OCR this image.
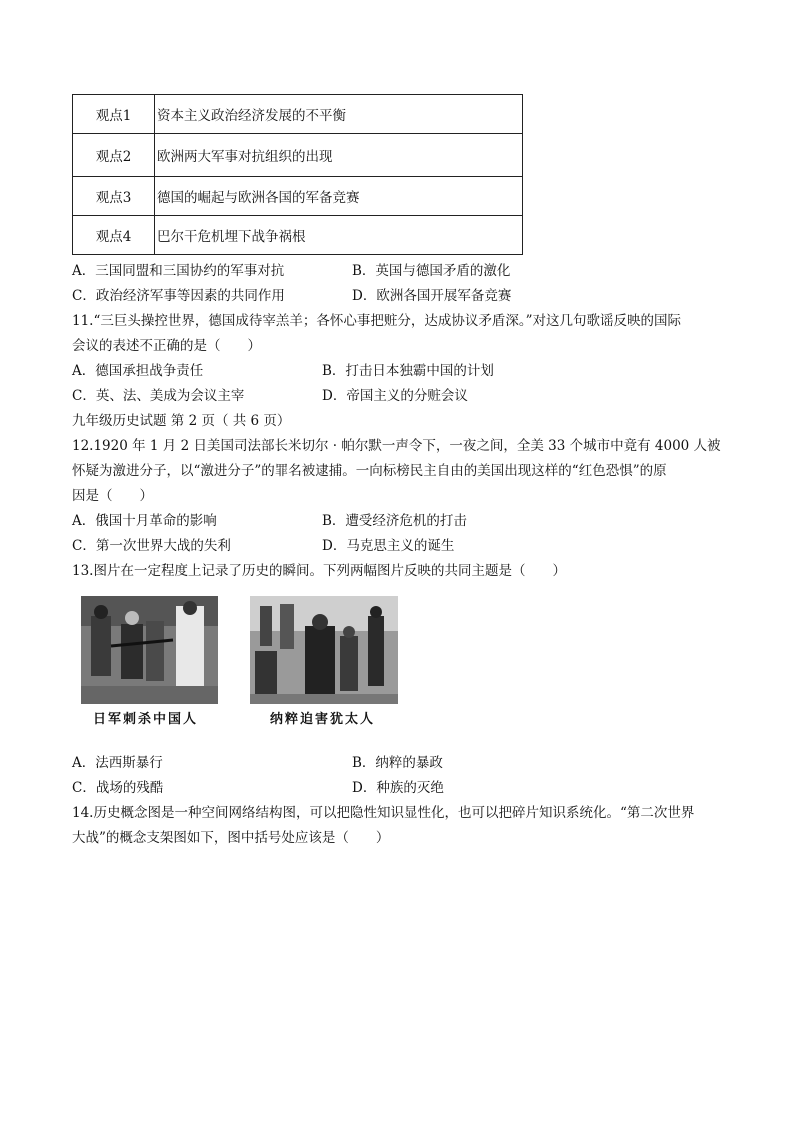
观点1	资本主义政治经济发展的不平衡
观点2	欧洲两大军事对抗组织的出现
观点3	德国的崛起与欧洲各国的军备竞赛
观点4	巴尔干危机埋下战争祸根
A．三国同盟和三国协约的军事对抗	B．英国与德国矛盾的激化
C．政治经济军事等因素的共同作用	D．欧洲各国开展军备竞赛
11.“三巨头操控世界，德国成待宰羔羊；各怀心事把赃分，达成协议矛盾深。”对这几句歌谣反映的国际
会议的表述不正确的是（　　）
A．德国承担战争责任	B．打击日本独霸中国的计划
C．英、法、美成为会议主宰	D．帝国主义的分赃会议
九年级历史试题 第 2 页（ 共 6 页）
12.1920 年 1 月 2 日美国司法部长米切尔 · 帕尔默一声令下，一夜之间，全美 33 个城市中竟有 4000 人被
怀疑为激进分子，以“激进分子”的罪名被逮捕。一向标榜民主自由的美国出现这样的“红色恐惧”的原
因是（　　）
A．俄国十月革命的影响	B．遭受经济危机的打击
C．第一次世界大战的失利	D．马克思主义的诞生
13.图片在一定程度上记录了历史的瞬间。下列两幅图片反映的共同主题是（　　）
日军刺杀中国人	纳粹迫害犹太人
A．法西斯暴行	B．纳粹的暴政
C．战场的残酷	D．种族的灭绝
14.历史概念图是一种空间网络结构图，可以把隐性知识显性化，也可以把碎片知识系统化。“第二次世界
大战”的概念支架图如下，图中括号处应该是（　　）
